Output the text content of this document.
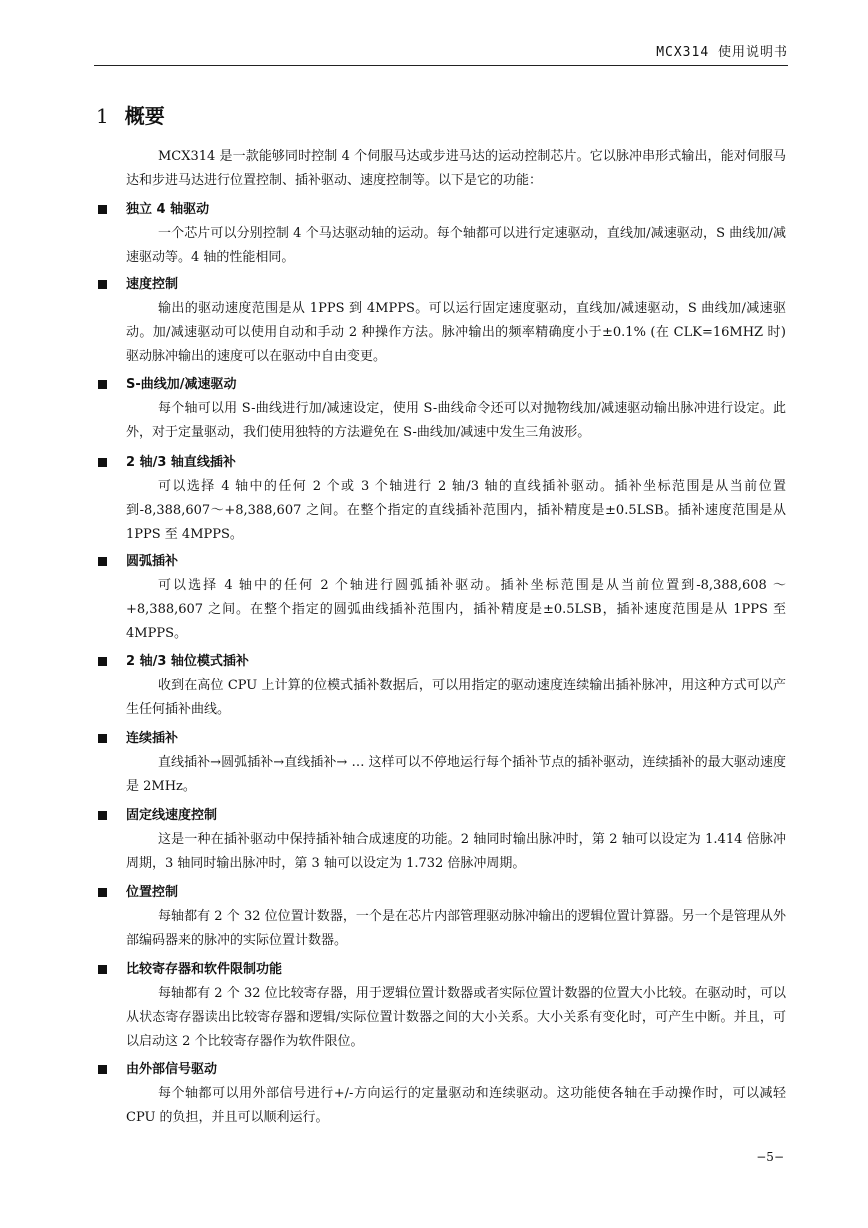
MCX314 使用说明书
1 概要
MCX314 是一款能够同时控制 4 个伺服马达或步进马达的运动控制芯片。它以脉冲串形式输出，能对伺服马达和步进马达进行位置控制、插补驱动、速度控制等。以下是它的功能：
独立 4 轴驱动
一个芯片可以分别控制 4 个马达驱动轴的运动。每个轴都可以进行定速驱动，直线加/减速驱动，S 曲线加/减速驱动等。4 轴的性能相同。
速度控制
输出的驱动速度范围是从 1PPS 到 4MPPS。可以运行固定速度驱动，直线加/减速驱动，S 曲线加/减速驱动。加/减速驱动可以使用自动和手动 2 种操作方法。脉冲输出的频率精确度小于±0.1% (在 CLK=16MHZ 时) 驱动脉冲输出的速度可以在驱动中自由变更。
S-曲线加/减速驱动
每个轴可以用 S-曲线进行加/减速设定，使用 S-曲线命令还可以对抛物线加/减速驱动输出脉冲进行设定。此外，对于定量驱动，我们使用独特的方法避免在 S-曲线加/减速中发生三角波形。
2 轴/3 轴直线插补
可以选择 4 轴中的任何 2 个或 3 个轴进行 2 轴/3 轴的直线插补驱动。插补坐标范围是从当前位置到-8,388,607～+8,388,607 之间。在整个指定的直线插补范围内，插补精度是±0.5LSB。插补速度范围是从 1PPS 至 4MPPS。
圆弧插补
可以选择 4 轴中的任何 2 个轴进行圆弧插补驱动。插补坐标范围是从当前位置到-8,388,608 ～ +8,388,607 之间。在整个指定的圆弧曲线插补范围内，插补精度是±0.5LSB，插补速度范围是从 1PPS 至 4MPPS。
2 轴/3 轴位模式插补
收到在高位 CPU 上计算的位模式插补数据后，可以用指定的驱动速度连续输出插补脉冲，用这种方式可以产生任何插补曲线。
连续插补
直线插补→圆弧插补→直线插补→ … 这样可以不停地运行每个插补节点的插补驱动，连续插补的最大驱动速度是 2MHz。
固定线速度控制
这是一种在插补驱动中保持插补轴合成速度的功能。2 轴同时输出脉冲时，第 2 轴可以设定为 1.414 倍脉冲周期，3 轴同时输出脉冲时，第 3 轴可以设定为 1.732 倍脉冲周期。
位置控制
每轴都有 2 个 32 位位置计数器，一个是在芯片内部管理驱动脉冲输出的逻辑位置计算器。另一个是管理从外部编码器来的脉冲的实际位置计数器。
比较寄存器和软件限制功能
每轴都有 2 个 32 位比较寄存器，用于逻辑位置计数器或者实际位置计数器的位置大小比较。在驱动时，可以从状态寄存器读出比较寄存器和逻辑/实际位置计数器之间的大小关系。大小关系有变化时，可产生中断。并且，可以启动这 2 个比较寄存器作为软件限位。
由外部信号驱动
每个轴都可以用外部信号进行+/-方向运行的定量驱动和连续驱动。这功能使各轴在手动操作时，可以减轻 CPU 的负担，并且可以顺利运行。
−5−
